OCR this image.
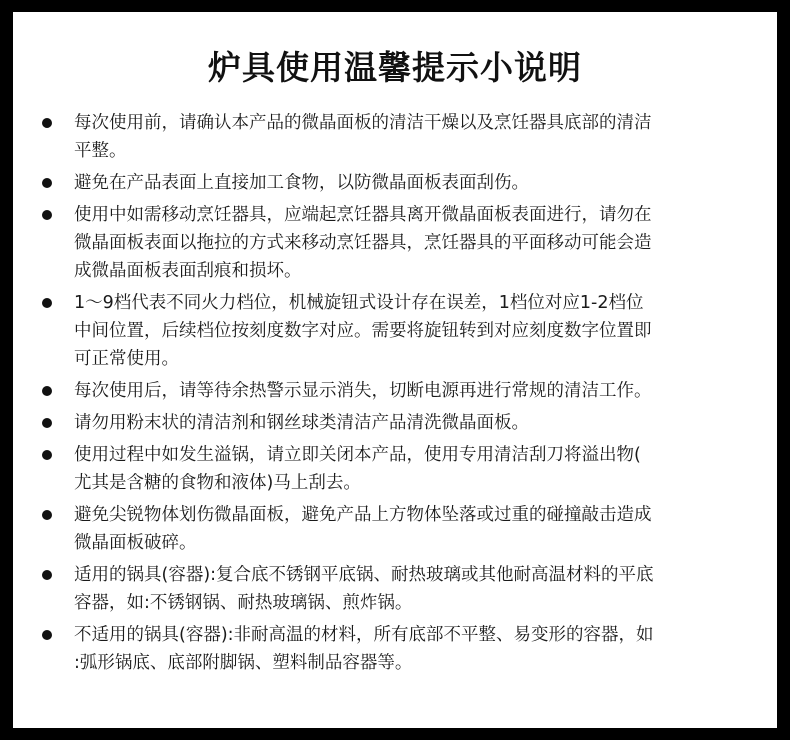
炉具使用温馨提示小说明
每次使用前，请确认本产品的微晶面板的清洁干燥以及烹饪器具底部的清洁
平整。
避免在产品表面上直接加工食物，以防微晶面板表面刮伤。
使用中如需移动烹饪器具，应端起烹饪器具离开微晶面板表面进行，请勿在
微晶面板表面以拖拉的方式来移动烹饪器具，烹饪器具的平面移动可能会造
成微晶面板表面刮痕和损坏。
1～9档代表不同火力档位，机械旋钮式设计存在误差，1档位对应1-2档位
中间位置，后续档位按刻度数字对应。需要将旋钮转到对应刻度数字位置即
可正常使用。
每次使用后，请等待余热警示显示消失，切断电源再进行常规的清洁工作。
请勿用粉末状的清洁剂和钢丝球类清洁产品清洗微晶面板。
使用过程中如发生溢锅，请立即关闭本产品，使用专用清洁刮刀将溢出物(
尤其是含糖的食物和液体)马上刮去。
避免尖锐物体划伤微晶面板，避免产品上方物体坠落或过重的碰撞敲击造成
微晶面板破碎。
适用的锅具(容器):复合底不锈钢平底锅、耐热玻璃或其他耐高温材料的平底
容器，如:不锈钢锅、耐热玻璃锅、煎炸锅。
不适用的锅具(容器):非耐高温的材料，所有底部不平整、易变形的容器，如
:弧形锅底、底部附脚锅、塑料制品容器等。
